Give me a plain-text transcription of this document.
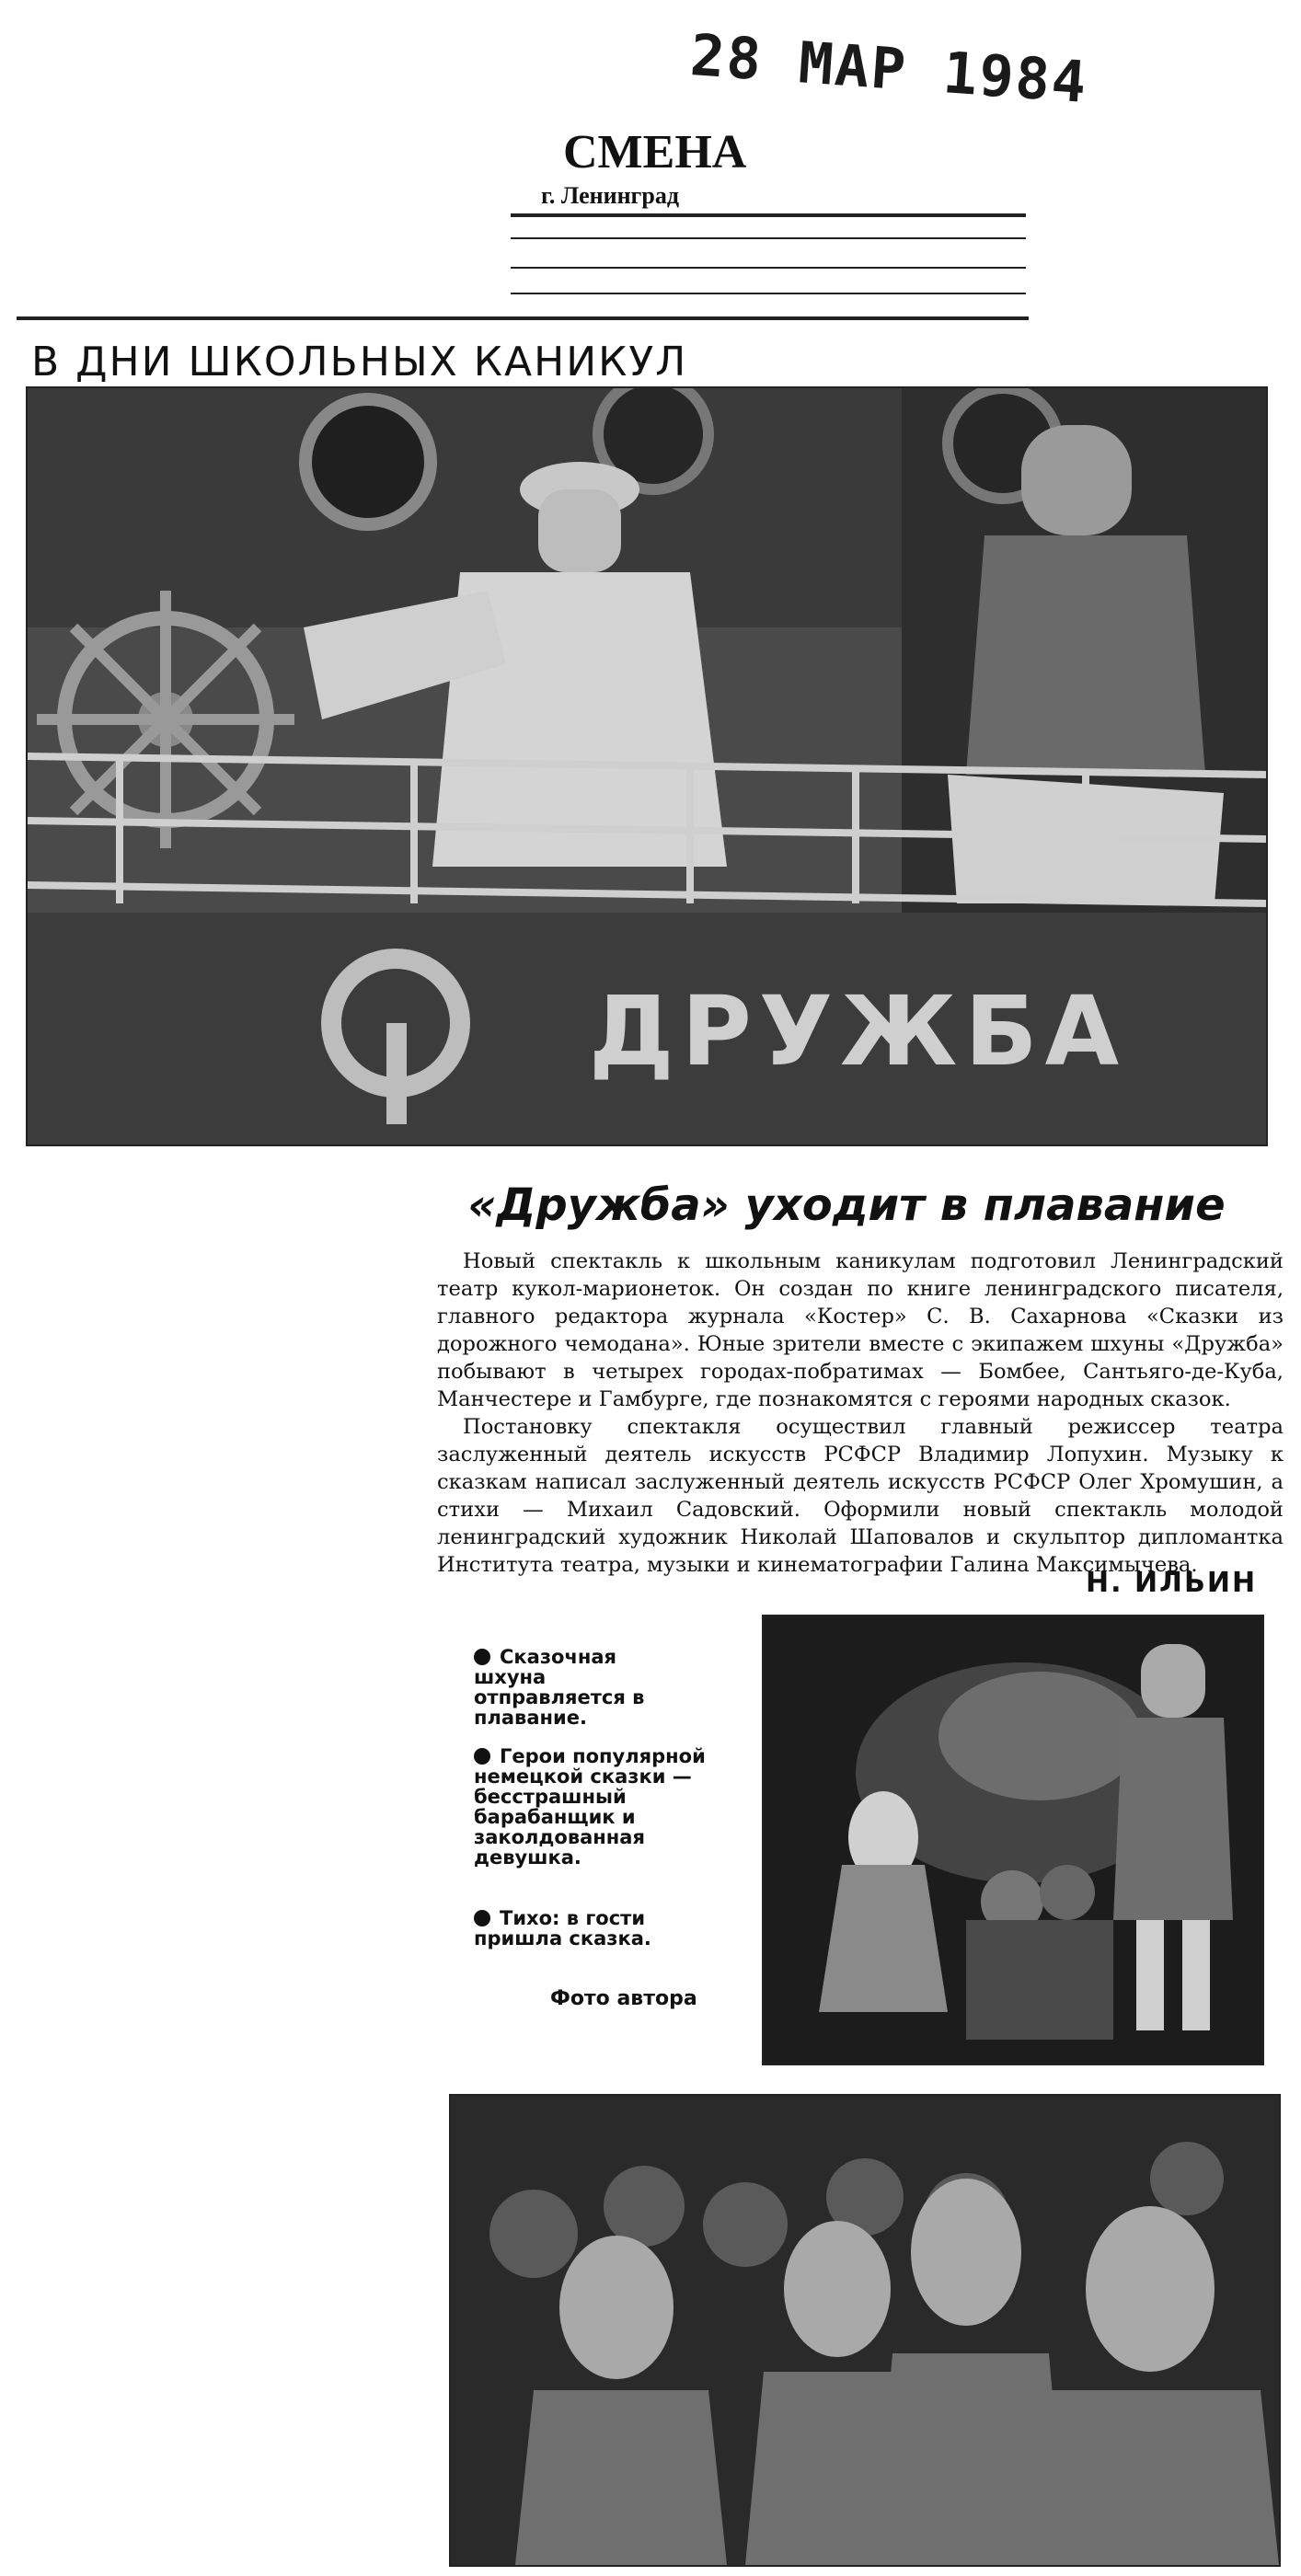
28 МАР 1984
СМЕНА
г. Ленинград
В ДНИ ШКОЛЬНЫХ КАНИКУЛ
ДРУЖБА
«Дружба» уходит в плавание

Новый спектакль к школьным каникулам подготовил Ленинградский театр кукол-марионеток. Он создан по книге ленинградского писателя, главного редактора журнала «Костер» С. В. Сахарнова «Сказки из дорожного чемодана». Юные зрители вместе с экипажем шхуны «Дружба» побывают в четырех городах-побратимах — Бомбее, Сантьяго-де-Куба, Манчестере и Гамбурге, где познакомятся с героями народных сказок.

Постановку спектакля осуществил главный режиссер театра заслуженный деятель искусств РСФСР Владимир Лопухин. Музыку к сказкам написал заслуженный деятель искусств РСФСР Олег Хромушин, а стихи — Михаил Садовский. Оформили новый спектакль молодой ленинградский художник Николай Шаповалов и скульптор дипломантка Института театра, музыки и кинематографии Галина Максимычева.

Н. ИЛЬИН
Сказочная шхуна отправляется в плавание.
Герои популярной немецкой сказки — бесстрашный барабанщик и заколдованная девушка.
Тихо: в гости пришла сказка.
Фото автора
